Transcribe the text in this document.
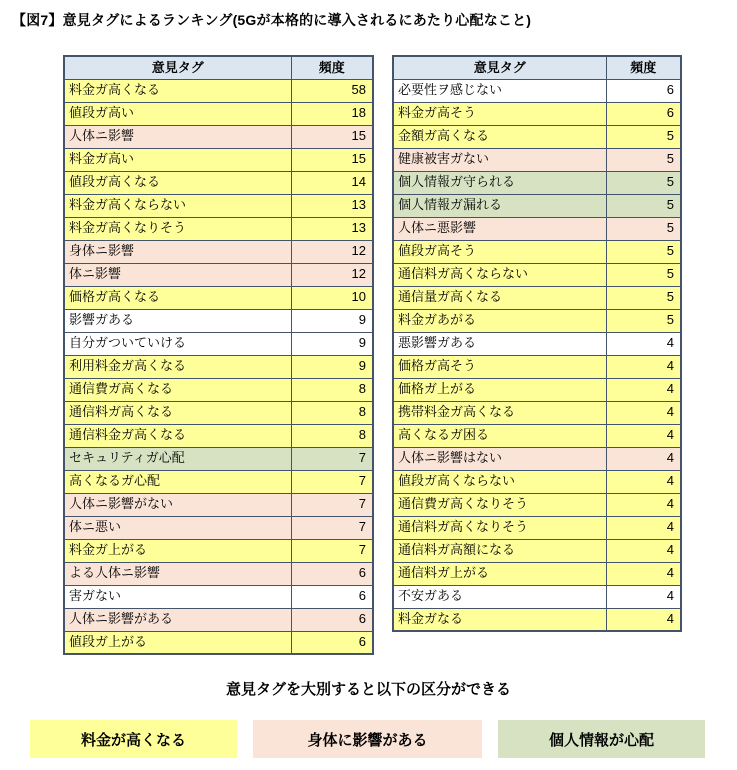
【図7】意見タグによるランキング(5Gが本格的に導入されるにあたり心配なこと)
意見タグ	頻度
料金ガ高くなる	58
値段ガ高い	18
人体ニ影響	15
料金ガ高い	15
値段ガ高くなる	14
料金ガ高くならない	13
料金ガ高くなりそう	13
身体ニ影響	12
体ニ影響	12
価格ガ高くなる	10
影響ガある	9
自分ガついていける	9
利用料金ガ高くなる	9
通信費ガ高くなる	8
通信料ガ高くなる	8
通信料金ガ高くなる	8
セキュリティガ心配	7
高くなるガ心配	7
人体ニ影響がない	7
体ニ悪い	7
料金ガ上がる	7
よる人体ニ影響	6
害ガない	6
人体ニ影響がある	6
値段ガ上がる	6
意見タグ	頻度
必要性ヲ感じない	6
料金ガ高そう	6
金額ガ高くなる	5
健康被害ガない	5
個人情報ガ守られる	5
個人情報ガ漏れる	5
人体ニ悪影響	5
値段ガ高そう	5
通信料ガ高くならない	5
通信量ガ高くなる	5
料金ガあがる	5
悪影響ガある	4
価格ガ高そう	4
価格ガ上がる	4
携帯料金ガ高くなる	4
高くなるガ困る	4
人体ニ影響はない	4
値段ガ高くならない	4
通信費ガ高くなりそう	4
通信料ガ高くなりそう	4
通信料ガ高額になる	4
通信料ガ上がる	4
不安ガある	4
料金ガなる	4
意見タグを大別すると以下の区分ができる
料金が高くなる	身体に影響がある	個人情報が心配
